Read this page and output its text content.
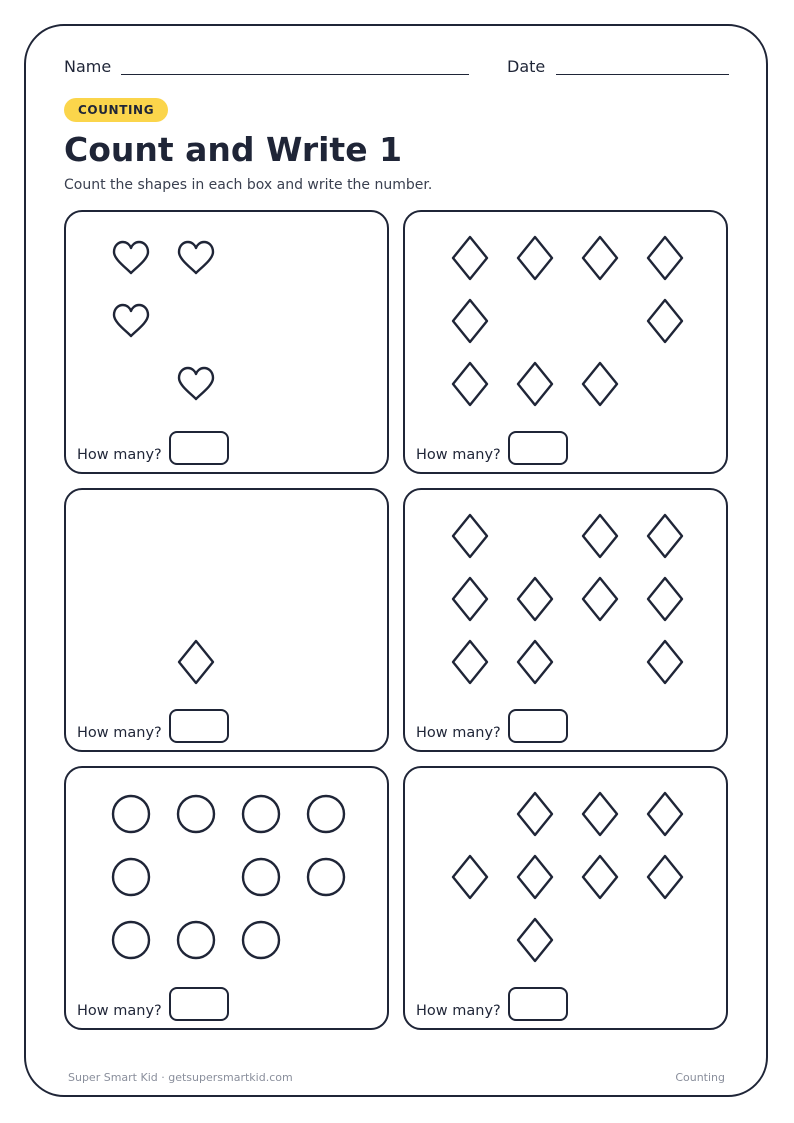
Name	Date
COUNTING
Count and Write 1
Count the shapes in each box and write the number.
How many?	How many?
How many?	How many?
How many?	How many?
Super Smart Kid · getsupersmartkid.com	Counting
